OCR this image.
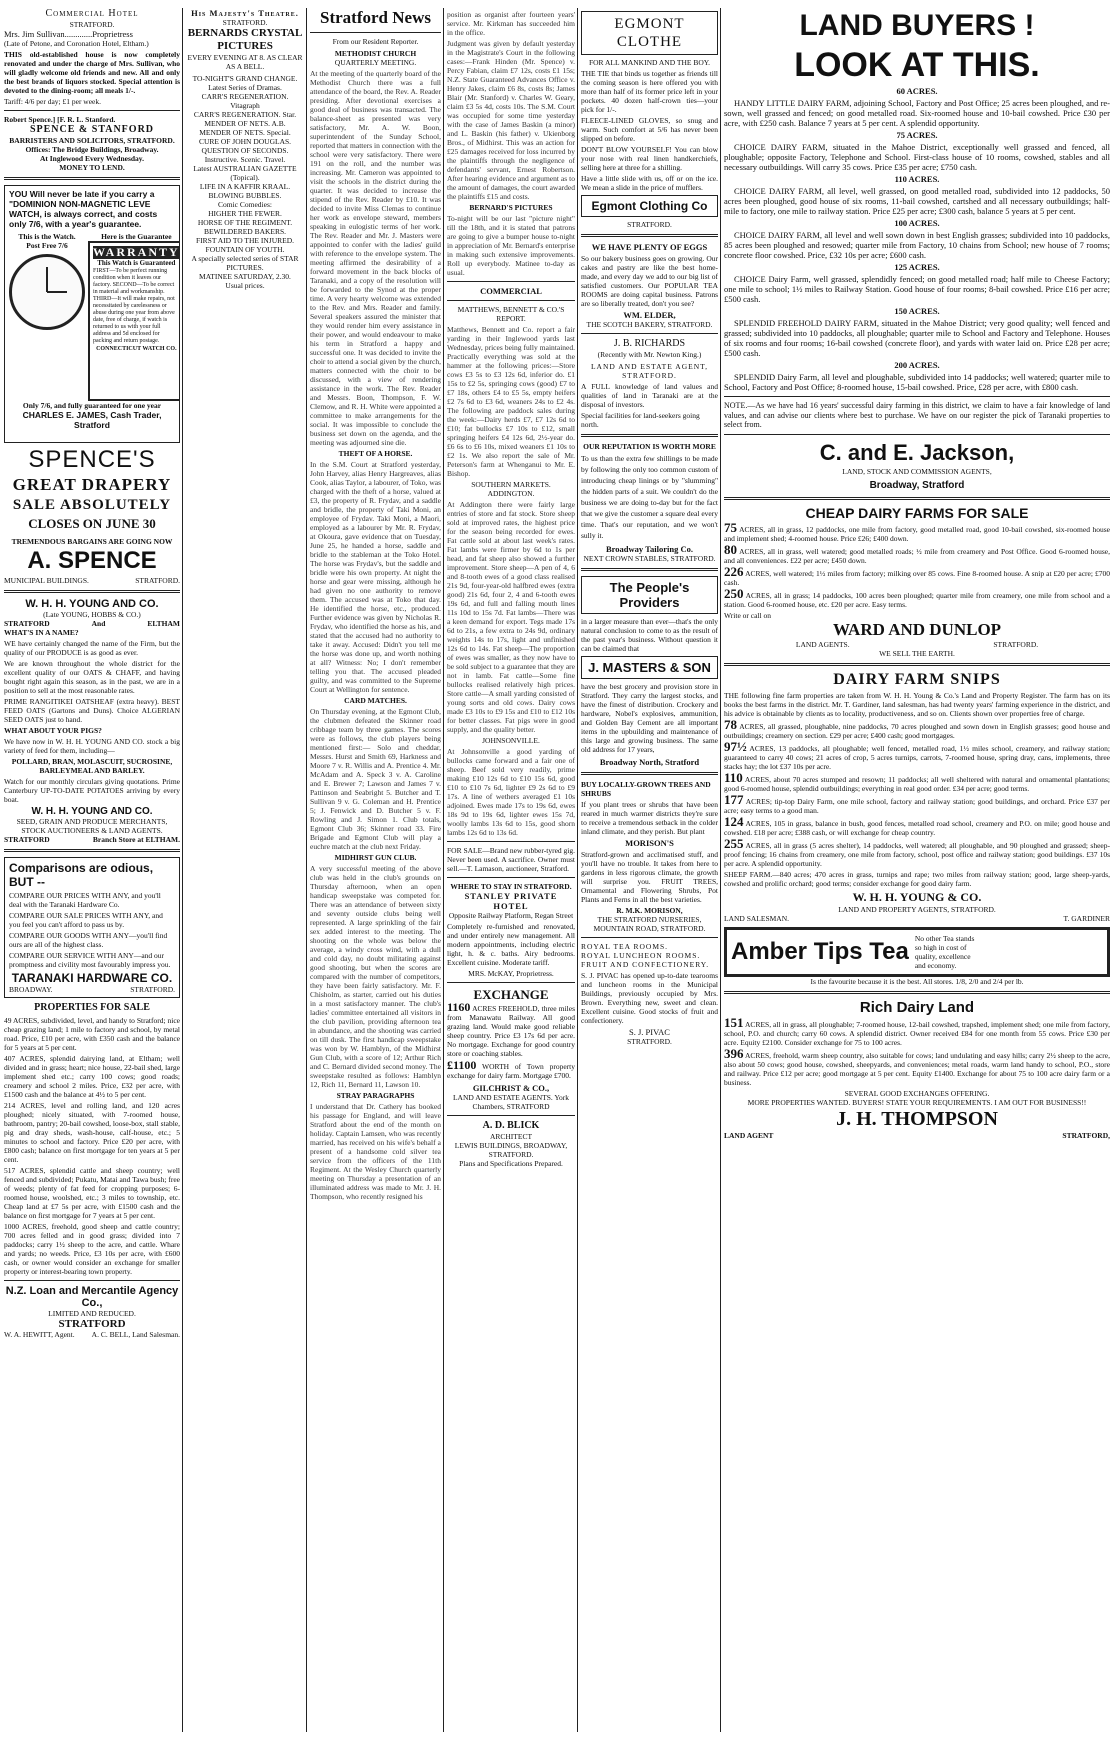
Commercial Hotel
STRATFORD.
Mrs. Jim Sullivan.............Proprietress
(Late of Petone, and Coronation Hotel, Eltham.)

THIS old-established house is now completely renovated and under the charge of Mrs. Sullivan, who will gladly welcome old friends and new. All and only the best brands of liquors stocked. Special attention is devoted to the dining-room; all meals 1/-.

Tariff: 4/6 per day; £1 per week.
Robert Spence.] [F. R. L. Stanford.
SPENCE & STANFORD
BARRISTERS AND SOLICITORS, STRATFORD.
Offices: The Bridge Buildings, Broadway.
At Inglewood Every Wednesday.
MONEY TO LEND.
YOU Will never be late if you carry a "DOMINION NON-MAGNETIC LEVE WATCH, is always correct, and costs only 7/6, with a year's guarantee.
This is the Watch.
Post Free 7/6
Here is the Guarantee
WARRANTY
This Watch is Guaranteed
FIRST—To be perfect running condition when it leaves our factory. SECOND—To be correct in material and workmanship. THIRD—It will make repairs, not necessitated by carelessness or abuse during one year from above date, free of charge, if watch is returned to us with your full address and 5d enclosed for packing and return postage.
CONNECTICUT WATCH CO.
Only 7/6, and fully guaranteed for one year
CHARLES E. JAMES, Cash Trader, Stratford
SPENCE'S
GREAT DRAPERY
SALE ABSOLUTELY
CLOSES ON JUNE 30
TREMENDOUS BARGAINS ARE GOING NOW
A. SPENCE
MUNICIPAL BUILDINGS.	STRATFORD.
W. H. H. YOUNG AND CO.
(Late YOUNG, HOBBS & CO.)
STRATFORD	And	ELTHAM
WHAT'S IN A NAME?

WE have certainly changed the name of the Firm, but the quality of our PRODUCE is as good as ever.

We are known throughout the whole district for the excellent quality of our OATS & CHAFF, and having bought right again this season, as in the past, we are in a position to sell at the most reasonable rates.

PRIME RANGITIKEI OATSHEAF (extra heavy). BEST FEED OATS (Gartons and Duns). Choice ALGERIAN SEED OATS just to hand.

WHAT ABOUT YOUR PIGS?

We have now in W. H. H. YOUNG AND CO. stock a big variety of feed for them, including—

POLLARD, BRAN, MOLASCUIT, SUCROSINE, BARLEYMEAL AND BARLEY.

Watch for our monthly circulars giving quotations. Prime Canterbury UP-TO-DATE POTATOES arriving by every boat.

W. H. H. YOUNG AND CO.
SEED, GRAIN AND PRODUCE MERCHANTS, STOCK AUCTIONEERS & LAND AGENTS.
STRATFORD	Branch Store at ELTHAM.
Comparisons are odious, BUT --

COMPARE OUR PRICES WITH ANY, and you'll deal with the Taranaki Hardware Co.

COMPARE OUR SALE PRICES WITH ANY, and you feel you can't afford to pass us by.

COMPARE OUR GOODS WITH ANY—you'll find ours are all of the highest class.

COMPARE OUR SERVICE WITH ANY—and our promptness and civility most favourably impress you.

TARANAKI HARDWARE CO.
BROADWAY.	STRATFORD.
PROPERTIES FOR SALE

49 ACRES, subdivided, level, and handy to Stratford; nice cheap grazing land; 1 mile to factory and school, by metal road. Price, £10 per acre, with £350 cash and the balance for 5 years at 5 per cent.

407 ACRES, splendid dairying land, at Eltham; well divided and in grass; heart; nice house, 22-bail shed, large implement shed etc.; carry 100 cows; good roads; creamery and school 2 miles. Price, £32 per acre, with £1500 cash and the balance at 4½ to 5 per cent.

214 ACRES, level and rolling land, and 120 acres ploughed; nicely situated, with 7-roomed house, bathroom, pantry; 20-bail cowshed, loose-box, stall stable, pig and dray sheds, wash-house, calf-house, etc.; 5 minutes to school and factory. Price £20 per acre, with £800 cash; balance on first mortgage for ten years at 5 per cent.

517 ACRES, splendid cattle and sheep country; well fenced and subdivided; Pukatu, Matai and Tawa bush; free of weeds; plenty of fat feed for cropping purposes; 6-roomed house, woolshed, etc.; 3 miles to township, etc. Cheap land at £7 5s per acre, with £1500 cash and the balance on first mortgage for 7 years at 5 per cent.

1000 ACRES, freehold, good sheep and cattle country; 700 acres felled and in good grass; divided into 7 paddocks; carry 1½ sheep to the acre, and cattle. Whare and yards; no weeds. Price, £3 10s per acre, with £600 cash, or owner would consider an exchange for smaller property or interest-bearing town property.

N.Z. Loan and Mercantile Agency Co.,
LIMITED AND REDUCED.
STRATFORD
W. A. HEWITT, Agent. A. C. BELL, Land Salesman.
His Majesty's Theatre.
STRATFORD.
BERNARDS CRYSTAL PICTURES
EVERY EVENING AT 8. AS CLEAR AS A BELL.
TO-NIGHT'S GRAND CHANGE.
Latest Series of Dramas.
CARR'S REGENERATION. Vitagraph
CARR'S REGENERATION. Star.
MENDER OF NETS. A.B.
MENDER OF NETS. Special.
CURE OF JOHN DOUGLAS.
QUESTION OF SECONDS.
Instructive. Scenic. Travel.
Latest AUSTRALIAN GAZETTE (Topical).
LIFE IN A KAFFIR KRAAL.
BLOWING BUBBLES.
Comic Comedies:
HIGHER THE FEWER.
HORSE OF THE REGIMENT.
BEWILDERED BAKERS.
FIRST AID TO THE INJURED.
FOUNTAIN OF YOUTH.
A specially selected series of STAR PICTURES.
MATINEE SATURDAY, 2.30.
Usual prices.
Stratford News
From our Resident Reporter.
METHODIST CHURCH
QUARTERLY MEETING.

At the meeting of the quarterly board of the Methodist Church there was a full attendance of the board, the Rev. A. Reader presiding. After devotional exercises a good deal of business was transacted. The balance-sheet as presented was very satisfactory, Mr. A. W. Boon, superintendent of the Sunday School, reported that matters in connection with the school were very satisfactory. There were 191 on the roll, and the number was increasing. Mr. Cameron was appointed to visit the schools in the district during the quarter. It was decided to increase the stipend of the Rev. Reader by £10. It was decided to invite Miss Clemas to continue her work as envelope steward, members speaking in eulogistic terms of her work. The Rev. Reader and Mr. J. Masters were appointed to confer with the ladies' guild with reference to the envelope system. The meeting affirmed the desirability of a forward movement in the back blocks of Taranaki, and a copy of the resolution will be forwarded to the Synod at the proper time. A very hearty welcome was extended to the Rev. and Mrs. Reader and family. Several speakers assured the minister that they would render him every assistance in their power, and would endeavour to make his term in Stratford a happy and successful one. It was decided to invite the choir to attend a social given by the church, matters connected with the choir to be discussed, with a view of rendering assistance in the work. The Rev. Reader and Messrs. Boon, Thompson, F. W. Clemow, and R. H. White were appointed a committee to make arrangements for the social. It was impossible to conclude the business set down on the agenda, and the meeting was adjourned sine die.

THEFT OF A HORSE.

In the S.M. Court at Stratford yesterday, John Harvey, alias Henry Hargreaves, alias Cook, alias Taylor, a labourer, of Toko, was charged with the theft of a horse, valued at £3, the property of R. Frydav, and a saddle and bridle, the property of Taki Moni, an employee of Frydav. Taki Moni, a Maori, employed as a labourer by Mr. R. Frydav, at Okoura, gave evidence that on Tuesday, June 25, he handed a horse, saddle and bridle to the stableman at the Toko Hotel. The horse was Frydav's, but the saddle and bridle were his own property. At night the horse and gear were missing, although he had given no one authority to remove them. The accused was at Toko that day. He identified the horse, etc., produced. Further evidence was given by Nicholas R. Frydav, who identified the horse as his, and stated that the accused had no authority to take it away. Accused: Didn't you tell me the horse was done up, and worth nothing at all? Witness: No; I don't remember telling you that. The accused pleaded guilty, and was committed to the Supreme Court at Wellington for sentence.

CARD MATCHES.

On Thursday evening, at the Egmont Club, the clubmen defeated the Skinner road cribbage team by three games. The scores were as follows, the club players being mentioned first:— Solo and cheddar, Messrs. Hurst and Smith 69, Harkness and Moore 7 v. R. Willis and A. Prentice 4. Mr. McAdam and A. Speck 3 v. A. Caroline and E. Brewer 7; Lawson and James 7 v. Pattinson and Seabright 5. Butcher and T. Sullivan 9 v. G. Coleman and H. Prentice 5; J. Fenwick and D. Butcher 5 v. F. Rowling and J. Simon 1. Club totals, Egmont Club 36; Skinner road 33. Fire Brigade and Egmont Club will play a euchre match at the club next Friday.

MIDHIRST GUN CLUB.

A very successful meeting of the above club was held in the club's grounds on Thursday afternoon, when an open handicap sweepstake was competed for. There was an attendance of between sixty and seventy outside clubs being well represented. A large sprinkling of the fair sex added interest to the meeting. The shooting on the whole was below the average, a windy cross wind, with a dull and cold day, no doubt militating against good shooting, but when the scores are compared with the number of competitors, they have been fairly satisfactory. Mr. F. Chisholm, as starter, carried out his duties in a most satisfactory manner. The club's ladies' committee entertained all visitors in the club pavilion, providing afternoon tea in abundance, and the shooting was carried on till dusk. The first handicap sweepstake was won by W. Hamblyn, of the Midhirst Gun Club, with a score of 12; Arthur Rich and C. Bernard divided second money. The sweepstake resulted as follows: Hamblyn 12, Rich 11, Bernard 11, Lawson 10.

STRAY PARAGRAPHS

I understand that Dr. Cathery has booked his passage for England, and will leave Stratford about the end of the month on holiday. Captain Lamsen, who was recently married, has received on his wife's behalf a present of a handsome cold silver tea service from the officers of the 11th Regiment. At the Wesley Church quarterly meeting on Thursday a presentation of an illuminated address was made to Mr. J. H. Thompson, who recently resigned his

position as organist after fourteen years' service. Mr. Kirkman has succeeded him in the office.

Judgment was given by default yesterday in the Magistrate's Court in the following cases:—Frank Hinden (Mr. Spence) v. Percy Fabian, claim £7 12s, costs £1 15s; N.Z. State Guaranteed Advances Office v. Henry Jakes, claim £6 8s, costs 8s; James Blair (Mr. Stanford) v. Charles W. Geary, claim £3 5s 4d, costs 10s. The S.M. Court was occupied for some time yesterday with the case of James Baskin (a minor) and L. Baskin (his father) v. Ukienborg Bros., of Midhirst. This was an action for £25 damages received for loss incurred by the plaintiffs through the negligence of defendants' servant, Ernest Robertson. After hearing evidence and argument as to the amount of damages, the court awarded the plaintiffs £15 and costs.

BERNARD'S PICTURES

To-night will be our last "picture night" till the 18th, and it is stated that patrons are going to give a bumper house to-night in appreciation of Mr. Bernard's enterprise in making such extensive improvements. Roll up everybody. Matinee to-day as usual.

COMMERCIAL
MATTHEWS, BENNETT & CO.'S REPORT.

Matthews, Bennett and Co. report a fair yarding in their Inglewood yards last Wednesday, prices being fully maintained. Practically everything was sold at the hammer at the following prices:—Store cows £3 5s to £3 12s 6d, inferior do. £1 15s to £2 5s, springing cows (good) £7 to £7 18s, others £4 to £5 5s, empty heifers £2 7s 6d to £3 6d, weaners 24s to £2 4s. The following are paddock sales during the week:—Dairy herds £7, £7 12s 6d to £10; fat bullocks £7 10s to £12, small springing heifers £4 12s 6d, 2½-year do. £6 6s to £6 10s, mixed weaners £1 10s to £2 1s. We also report the sale of Mr. Peterson's farm at Whenganui to Mr. E. Bishop.

SOUTHERN MARKETS.
ADDINGTON.

At Addington there were fairly large entries of store and fat stock. Store sheep sold at improved rates, the highest price for the season being recorded for ewes. Fat cattle sold at about last week's rates. Fat lambs were firmer by 6d to 1s per head, and fat sheep also showed a further improvement. Store sheep—A pen of 4, 6 and 8-tooth ewes of a good class realised 21s 9d, four-year-old halfbred ewes (extra good) 21s 6d, four 2, 4 and 6-tooth ewes 19s 6d, and full and falling mouth lines 11s 10d to 15s 7d. Fat lambs—There was a keen demand for export. Tegs made 17s 6d to 21s, a few extra to 24s 9d, ordinary weights 14s to 17s, light and unfinished 12s 6d to 14s. Fat sheep—The proportion of ewes was smaller, as they now have to be sold subject to a guarantee that they are not in lamb. Fat cattle—Some fine bullocks realised relatively high prices. Store cattle—A small yarding consisted of young sorts and old cows. Dairy cows made £3 10s to £9 15s and £10 to £12 10s for better classes. Fat pigs were in good supply, and the quality better.

JOHNSONVILLE.

At Johnsonville a good yarding of bullocks came forward and a fair one of sheep. Beef sold very readily, prime making £10 12s 6d to £10 15s 6d, good £10 to £10 7s 6d, lighter £9 2s 6d to £9 17s. A line of wethers averaged £1 10s adjoined. Ewes made 17s to 19s 6d, ewes 18s 9d to 19s 6d, lighter ewes 15s 7d, woolly lambs 13s 6d to 15s, good shorn lambs 12s 6d to 13s 6d.

FOR SALE—Brand new rubber-tyred gig. Never been used. A sacrifice. Owner must sell.—T. Lamason, auctioneer, Stratford.

WHERE TO STAY IN STRATFORD.
STANLEY PRIVATE HOTEL
Opposite Railway Platform, Regan Street

Completely re-furnished and renovated, and under entirely new management. All modern appointments, including electric light, h. & c. baths. Airy bedrooms. Excellent cuisine. Moderate tariff.

MRS. McKAY, Proprietress.
EXCHANGE
1160 ACRES FREEHOLD, three miles from Manawatu Railway. All good grazing land. Would make good reliable sheep country. Price £3 17s 6d per acre. No mortgage. Exchange for good country store or coaching stables.
£1100 WORTH of Town property exchange for dairy farm. Mortgage £700.
GILCHRIST & CO.,
LAND AND ESTATE AGENTS. York Chambers, STRATFORD
A. D. BLICK
ARCHITECT
LEWIS BUILDINGS, BROADWAY, STRATFORD.
Plans and Specifications Prepared.
EGMONT CLOTHE
FOR ALL MANKIND AND THE BOY.

THE TIE that binds us together as friends till the coming season is here offered you with more than half of its former price left in your pockets. 40 dozen half-crown ties—your pick for 1/-.

FLEECE-LINED GLOVES, so snug and warm. Such comfort at 5/6 has never been slipped on before.

DON'T BLOW YOURSELF! You can blow your nose with real linen handkerchiefs, selling here at three for a shilling.

Have a little slide with us, off or on the ice. We mean a slide in the price of mufflers.

Egmont Clothing Co
STRATFORD.
WE HAVE PLENTY OF EGGS

So our bakery business goes on growing. Our cakes and pastry are like the best home-made, and every day we add to our big list of satisfied customers. Our POPULAR TEA ROOMS are doing capital business. Patrons are so liberally treated, don't you see?

WM. ELDER,
THE SCOTCH BAKERY, STRATFORD.
J. B. RICHARDS
(Recently with Mr. Newton King.)
LAND AND ESTATE AGENT, STRATFORD.

A FULL knowledge of land values and qualities of land in Taranaki are at the disposal of investors.

Special facilities for land-seekers going north.
OUR REPUTATION IS WORTH MORE

To us than the extra few shillings to be made by following the only too common custom of introducing cheap linings or by "slumming" the hidden parts of a suit. We couldn't do the business we are doing to-day but for the fact that we give the customer a square deal every time. That's our reputation, and we won't sully it.

Broadway Tailoring Co.
NEXT CROWN STABLES, STRATFORD.
The People's Providers

in a larger measure than ever—that's the only natural conclusion to come to as the result of the past year's business. Without question it can be claimed that

J. MASTERS & SON

have the best grocery and provision store in Stratford. They carry the largest stocks, and have the finest of distribution. Crockery and hardware, Nobel's explosives, ammunition, and Golden Bay Cement are all important items in the upbuilding and maintenance of this large and growing business. The same old address for 17 years,

Broadway North, Stratford
BUY LOCALLY-GROWN TREES AND SHRUBS

If you plant trees or shrubs that have been reared in much warmer districts they're sure to receive a tremendous setback in the colder inland climate, and they perish. But plant

MORISON'S

Stratford-grown and acclimatised stuff, and you'll have no trouble. It takes from here to gardens in less rigorous climate, the growth will surprise you. FRUIT TREES, Ornamental and Flowering Shrubs, Pot Plants and Ferns in all the best varieties.

R. M.K. MORISON,
THE STRATFORD NURSERIES, MOUNTAIN ROAD, STRATFORD.
ROYAL TEA ROOMS.
ROYAL LUNCHEON ROOMS.
FRUIT AND CONFECTIONERY.

S. J. PIVAC has opened up-to-date tearooms and luncheon rooms in the Municipal Buildings, previously occupied by Mrs. Brown. Everything new, sweet and clean. Excellent cuisine. Good stocks of fruit and confectionery.

S. J. PIVAC
STRATFORD.
LAND BUYERS !
LOOK AT THIS.
60 ACRES.

HANDY LITTLE DAIRY FARM, adjoining School, Factory and Post Office; 25 acres been ploughed, and re-sown, well grassed and fenced; on good metalled road. Six-roomed house and 10-bail cowshed. Price £30 per acre, with £250 cash. Balance 7 years at 5 per cent. A splendid opportunity.

75 ACRES.

CHOICE DAIRY FARM, situated in the Mahoe District, exceptionally well grassed and fenced, all ploughable; opposite Factory, Telephone and School. First-class house of 10 rooms, cowshed, stables and all necessary outbuildings. Will carry 35 cows. Price £35 per acre; £750 cash.

110 ACRES.

CHOICE DAIRY FARM, all level, well grassed, on good metalled road, subdivided into 12 paddocks, 50 acres been ploughed, good house of six rooms, 11-bail cowshed, cartshed and all necessary outbuildings; half-mile to factory, one mile to railway station. Price £25 per acre; £300 cash, balance 5 years at 5 per cent.

100 ACRES.

CHOICE DAIRY FARM, all level and well sown down in best English grasses; subdivided into 10 paddocks, 85 acres been ploughed and resowed; quarter mile from Factory, 10 chains from School; new house of 7 rooms; concrete floor cowshed. Price, £32 10s per acre; £600 cash.

125 ACRES.

CHOICE Dairy Farm, well grassed, splendidly fenced; on good metalled road; half mile to Cheese Factory; one mile to school; 1½ miles to Railway Station. Good house of four rooms; 8-bail cowshed. Price £16 per acre; £500 cash.

150 ACRES.

SPLENDID FREEHOLD DAIRY FARM, situated in the Mahoe District; very good quality; well fenced and grassed; subdivided into 10 paddocks, all ploughable; quarter mile to School and Factory and Telephone. Houses of six rooms and four rooms; 16-bail cowshed (concrete floor), and yards with water laid on. Price £28 per acre; £500 cash.

200 ACRES.

SPLENDID Dairy Farm, all level and ploughable, subdivided into 14 paddocks; well watered; quarter mile to School, Factory and Post Office; 8-roomed house, 15-bail cowshed. Price, £28 per acre, with £800 cash.

NOTE.—As we have had 16 years' successful dairy farming in this district, we claim to have a fair knowledge of land values, and can advise our clients where best to purchase. We have on our register the pick of Taranaki properties to select from.

C. and E. Jackson,
LAND, STOCK AND COMMISSION AGENTS,
Broadway, Stratford
CHEAP DAIRY FARMS FOR SALE
75 ACRES, all in grass, 12 paddocks, one mile from factory, good metalled road, good 10-bail cowshed, six-roomed house and implement shed; 4-roomed house. Price £26; £400 down.
80 ACRES, all in grass, well watered; good metalled roads; ½ mile from creamery and Post Office. Good 6-roomed house, and all conveniences. £22 per acre; £450 down.
226 ACRES, well watered; 1½ miles from factory; milking over 85 cows. Fine 8-roomed house. A snip at £20 per acre; £700 cash.
250 ACRES, all in grass; 14 paddocks, 100 acres been ploughed; quarter mile from creamery, one mile from school and a station. Good 6-roomed house, etc. £20 per acre. Easy terms.
Write or call on
WARD AND DUNLOP
LAND AGENTS.	STRATFORD.
WE SELL THE EARTH.
DAIRY FARM SNIPS

THE following fine farm properties are taken from W. H. H. Young & Co.'s Land and Property Register. The farm has on its books the best farms in the district. Mr. T. Gardiner, land salesman, has had twenty years' farming experience in the district, and his advice is obtainable by clients as to locality, productiveness, and so on. Clients shown over properties free of charge.

78 ACRES, all grassed, ploughable, nine paddocks, 70 acres ploughed and sown down in English grasses; good house and outbuildings; creamery on section. £29 per acre; £400 cash; good mortgages.
97½ ACRES, 13 paddocks, all ploughable; well fenced, metalled road, 1½ miles school, creamery, and railway station; guaranteed to carry 40 cows; 21 acres of crop, 5 acres turnips, carrots, 7-roomed house, spring dray, cans, implements, three stacks hay; the lot £37 10s per acre.
110 ACRES, about 70 acres stumped and resown; 11 paddocks; all well sheltered with natural and ornamental plantations; good 6-roomed house, splendid outbuildings; everything in real good order. £34 per acre; good terms.
177 ACRES; tip-top Dairy Farm, one mile school, factory and railway station; good buildings, and orchard. Price £37 per acre; easy terms to a good man.
124 ACRES, 105 in grass, balance in bush, good fences, metalled road school, creamery and P.O. on mile; good house and cowshed. £18 per acre; £388 cash, or will exchange for cheap country.
255 ACRES, all in grass (5 acres shelter), 14 paddocks, well watered; all ploughable, and 90 ploughed and grassed; sheep-proof fencing; 16 chains from creamery, one mile from factory, school, post office and railway station; good buildings. £37 10s per acre. A splendid opportunity.

SHEEP FARM.—840 acres; 470 acres in grass, turnips and rape; two miles from railway station; good, large sheep-yards, cowshed and prolific orchard; good terms; consider exchange for good dairy farm.

W. H. H. YOUNG & CO.
LAND AND PROPERTY AGENTS, STRATFORD.
LAND SALESMAN.	T. GARDINER
Amber Tips Tea No other Tea stands so high in cost of quality, excellence and economy.
Is the favourite because it is the best. All stores. 1/8, 2/0 and 2/4 per lb.
Rich Dairy Land
151 ACRES, all in grass, all ploughable; 7-roomed house, 12-bail cowshed, trapshed, implement shed; one mile from factory, school, P.O. and church; carry 60 cows. A splendid district. Owner received £84 for one month from 55 cows. Price £30 per acre. Equity £2100. Consider exchange for 75 to 100 acres.
396 ACRES, freehold, warm sheep country, also suitable for cows; land undulating and easy hills; carry 2½ sheep to the acre, also about 50 cows; good house, cowshed, sheepyards, and conveniences; metal roads, warm land handy to school, P.O., store and railway. Price £12 per acre; good mortgage at 5 per cent. Equity £1400. Exchange for about 75 to 100 acre dairy farm or a business.
SEVERAL GOOD EXCHANGES OFFERING.
MORE PROPERTIES WANTED. BUYERS! STATE YOUR REQUIREMENTS. I AM OUT FOR BUSINESS!!
J. H. THOMPSON
LAND AGENT	STRATFORD,
